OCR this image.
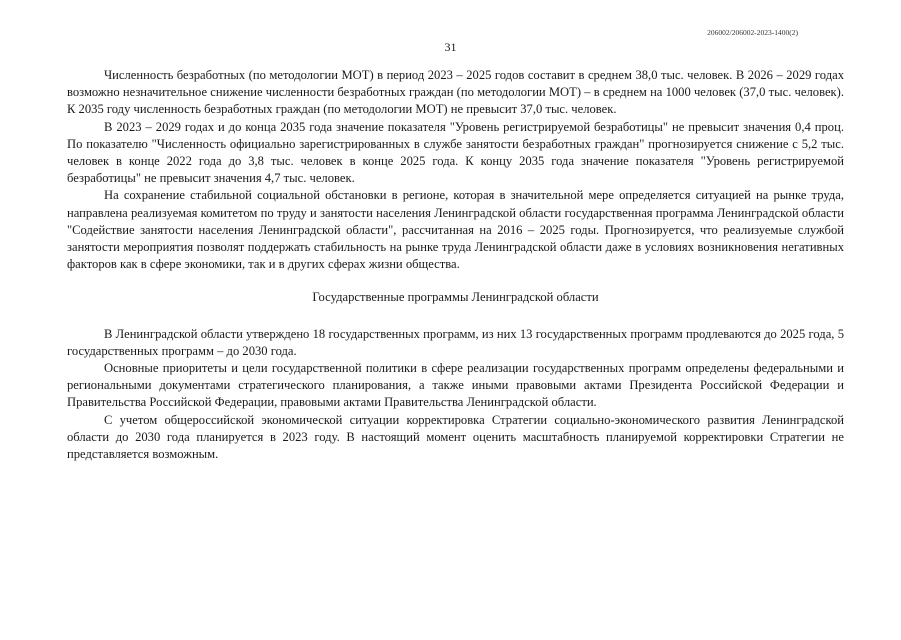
206002/206002-2023-1400(2)
31

Численность безработных (по методологии МОТ) в период 2023 – 2025 годов составит в среднем 38,0 тыс. человек. В 2026 – 2029 годах возможно незначительное снижение численности безработных граждан (по методологии МОТ) – в среднем на 1000 человек (37,0 тыс. человек). К 2035 году численность безработных граждан (по методологии МОТ) не превысит 37,0 тыс. человек.

В 2023 – 2029 годах и до конца 2035 года значение показателя "Уровень регистрируемой безработицы" не превысит значения 0,4 проц. По показателю "Численность официально зарегистрированных в службе занятости безработных граждан" прогнозируется снижение с 5,2 тыс. человек в конце 2022 года до 3,8 тыс. человек в конце 2025 года. К концу 2035 года значение показателя "Уровень регистрируемой безработицы" не превысит значения 4,7 тыс. человек.

На сохранение стабильной социальной обстановки в регионе, которая в значительной мере определяется ситуацией на рынке труда, направлена реализуемая комитетом по труду и занятости населения Ленинградской области государственная программа Ленинградской области "Содействие занятости населения Ленинградской области", рассчитанная на 2016 – 2025 годы. Прогнозируется, что реализуемые службой занятости мероприятия позволят поддержать стабильность на рынке труда Ленинградской области даже в условиях возникновения негативных факторов как в сфере экономики, так и в других сферах жизни общества.

Государственные программы Ленинградской области

В Ленинградской области утверждено 18 государственных программ, из них 13 государственных программ продлеваются до 2025 года, 5 государственных программ – до 2030 года.

Основные приоритеты и цели государственной политики в сфере реализации государственных программ определены федеральными и региональными документами стратегического планирования, а также иными правовыми актами Президента Российской Федерации и Правительства Российской Федерации, правовыми актами Правительства Ленинградской области.

С учетом общероссийской экономической ситуации корректировка Стратегии социально-экономического развития Ленинградской области до 2030 года планируется в 2023 году. В настоящий момент оценить масштабность планируемой корректировки Стратегии не представляется возможным.
